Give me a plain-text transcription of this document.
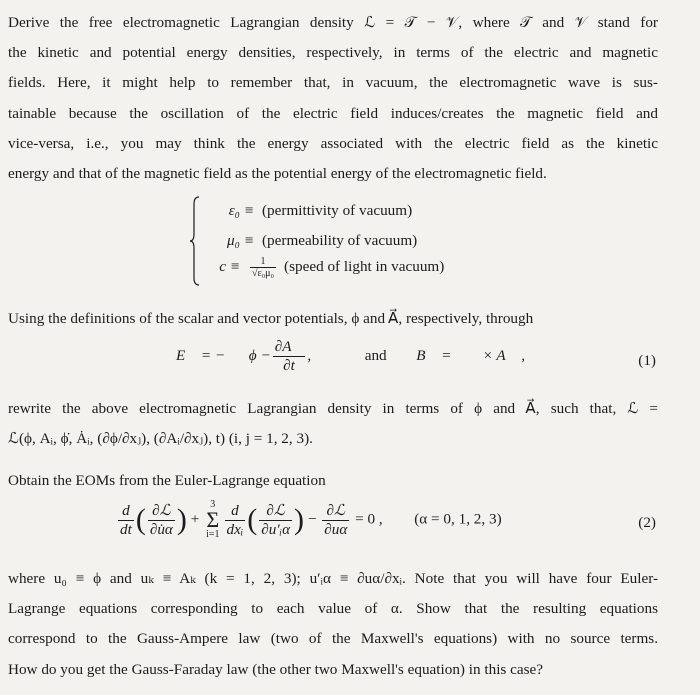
Derive the free electromagnetic Lagrangian density ℒ = 𝒯 − 𝒱, where 𝒯 and 𝒱 stand for
the kinetic and potential energy densities, respectively, in terms of the electric and magnetic
fields. Here, it might help to remember that, in vacuum, the electromagnetic wave is sus-
tainable because the oscillation of the electric field induces/creates the magnetic field and
vice-versa, i.e., you may think the energy associated with the electric field as the kinetic
energy and that of the magnetic field as the potential energy of the electromagnetic field.
ε₀ ≡ (permittivity of vacuum)
μ₀ ≡ (permeability of vacuum)
$c \equiv \frac{1}{\text{√ε₀μ₀}}$ (speed of light in vacuum)
Using the definitions of the scalar and vector potentials, ϕ and A⃗, respectively, through
E⃗ = −∇⃗ϕ − $\frac{\partial A⃗}{\partial t}$ ,	and B⃗ = ∇⃗ × A⃗ ,	(1)
rewrite the above electromagnetic Lagrangian density in terms of ϕ and A⃗, such that, ℒ =
ℒ(ϕ, Aᵢ, ϕ̇, Ȧᵢ, (∂ϕ/∂xⱼ), (∂Aᵢ/∂xⱼ), t) (i, j = 1, 2, 3).
Obtain the EOMs from the Euler-Lagrange equation
$\frac{d}{dt}$ ( $\frac{\text{∂ℒ}}{\partial u̇\alpha}$ ) + 3
Σ
$i=1 \frac{d}{\text{dxᵢ}}$ ( $\frac{\text{∂ℒ}}{\text{∂u′ᵢα}}$ ) − $\frac{\text{∂ℒ}}{\partial u\alpha} = 0$ , (α = 0, 1, 2, 3)	(2)
where u₀ ≡ ϕ and uₖ ≡ Aₖ (k = 1, 2, 3); u′ᵢα ≡ ∂uα/∂xᵢ. Note that you will have four Euler-
Lagrange equations corresponding to each value of α. Show that the resulting equations
correspond to the Gauss-Ampere law (two of the Maxwell's equations) with no source terms.
How do you get the Gauss-Faraday law (the other two Maxwell's equation) in this case?
